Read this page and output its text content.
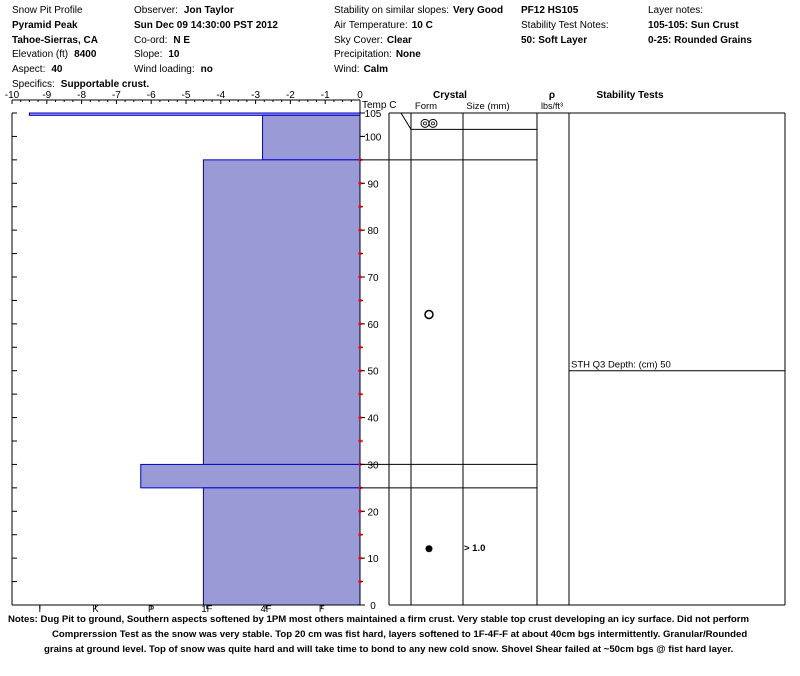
Snow Pit Profile
Pyramid Peak
Tahoe-Sierras, CA
Elevation (ft) 8400
Aspect: 40
Specifics: Supportable crust.
Observer: Jon Taylor
Sun Dec 09 14:30:00 PST 2012
Co-ord: N E
Slope: 10
Wind loading: no
Stability on similar slopes: Very Good
Air Temperature: 10 C
Sky Cover: Clear
Precipitation: None
Wind: Calm
PF12 HS105
Stability Test Notes:
50: Soft Layer
Layer notes:
105-105: Sun Crust
0-25: Rounded Grains
-10 -9	-8	-7	-6	-5	-4	-3	-2	-1	0
Temp C
0
10
20
30
40
50
60
70
80
90
100
105
I	K	P	1F	4F	F
Crystal
Form	Size (mm)
ρ
lbs/ft³
> 1.0
Stability Tests
STH Q3 Depth: (cm) 50
Notes: Dug Pit to ground, Southern aspects softened by 1PM most others maintained a firm crust. Very stable top crust developing an icy surface. Did not perform
Comprerssion Test as the snow was very stable. Top 20 cm was fist hard, layers softened to 1F-4F-F at about 40cm bgs intermittently. Granular/Rounded
grains at ground level. Top of snow was quite hard and will take time to bond to any new cold snow. Shovel Shear failed at ~50cm bgs @ fist hard layer.
